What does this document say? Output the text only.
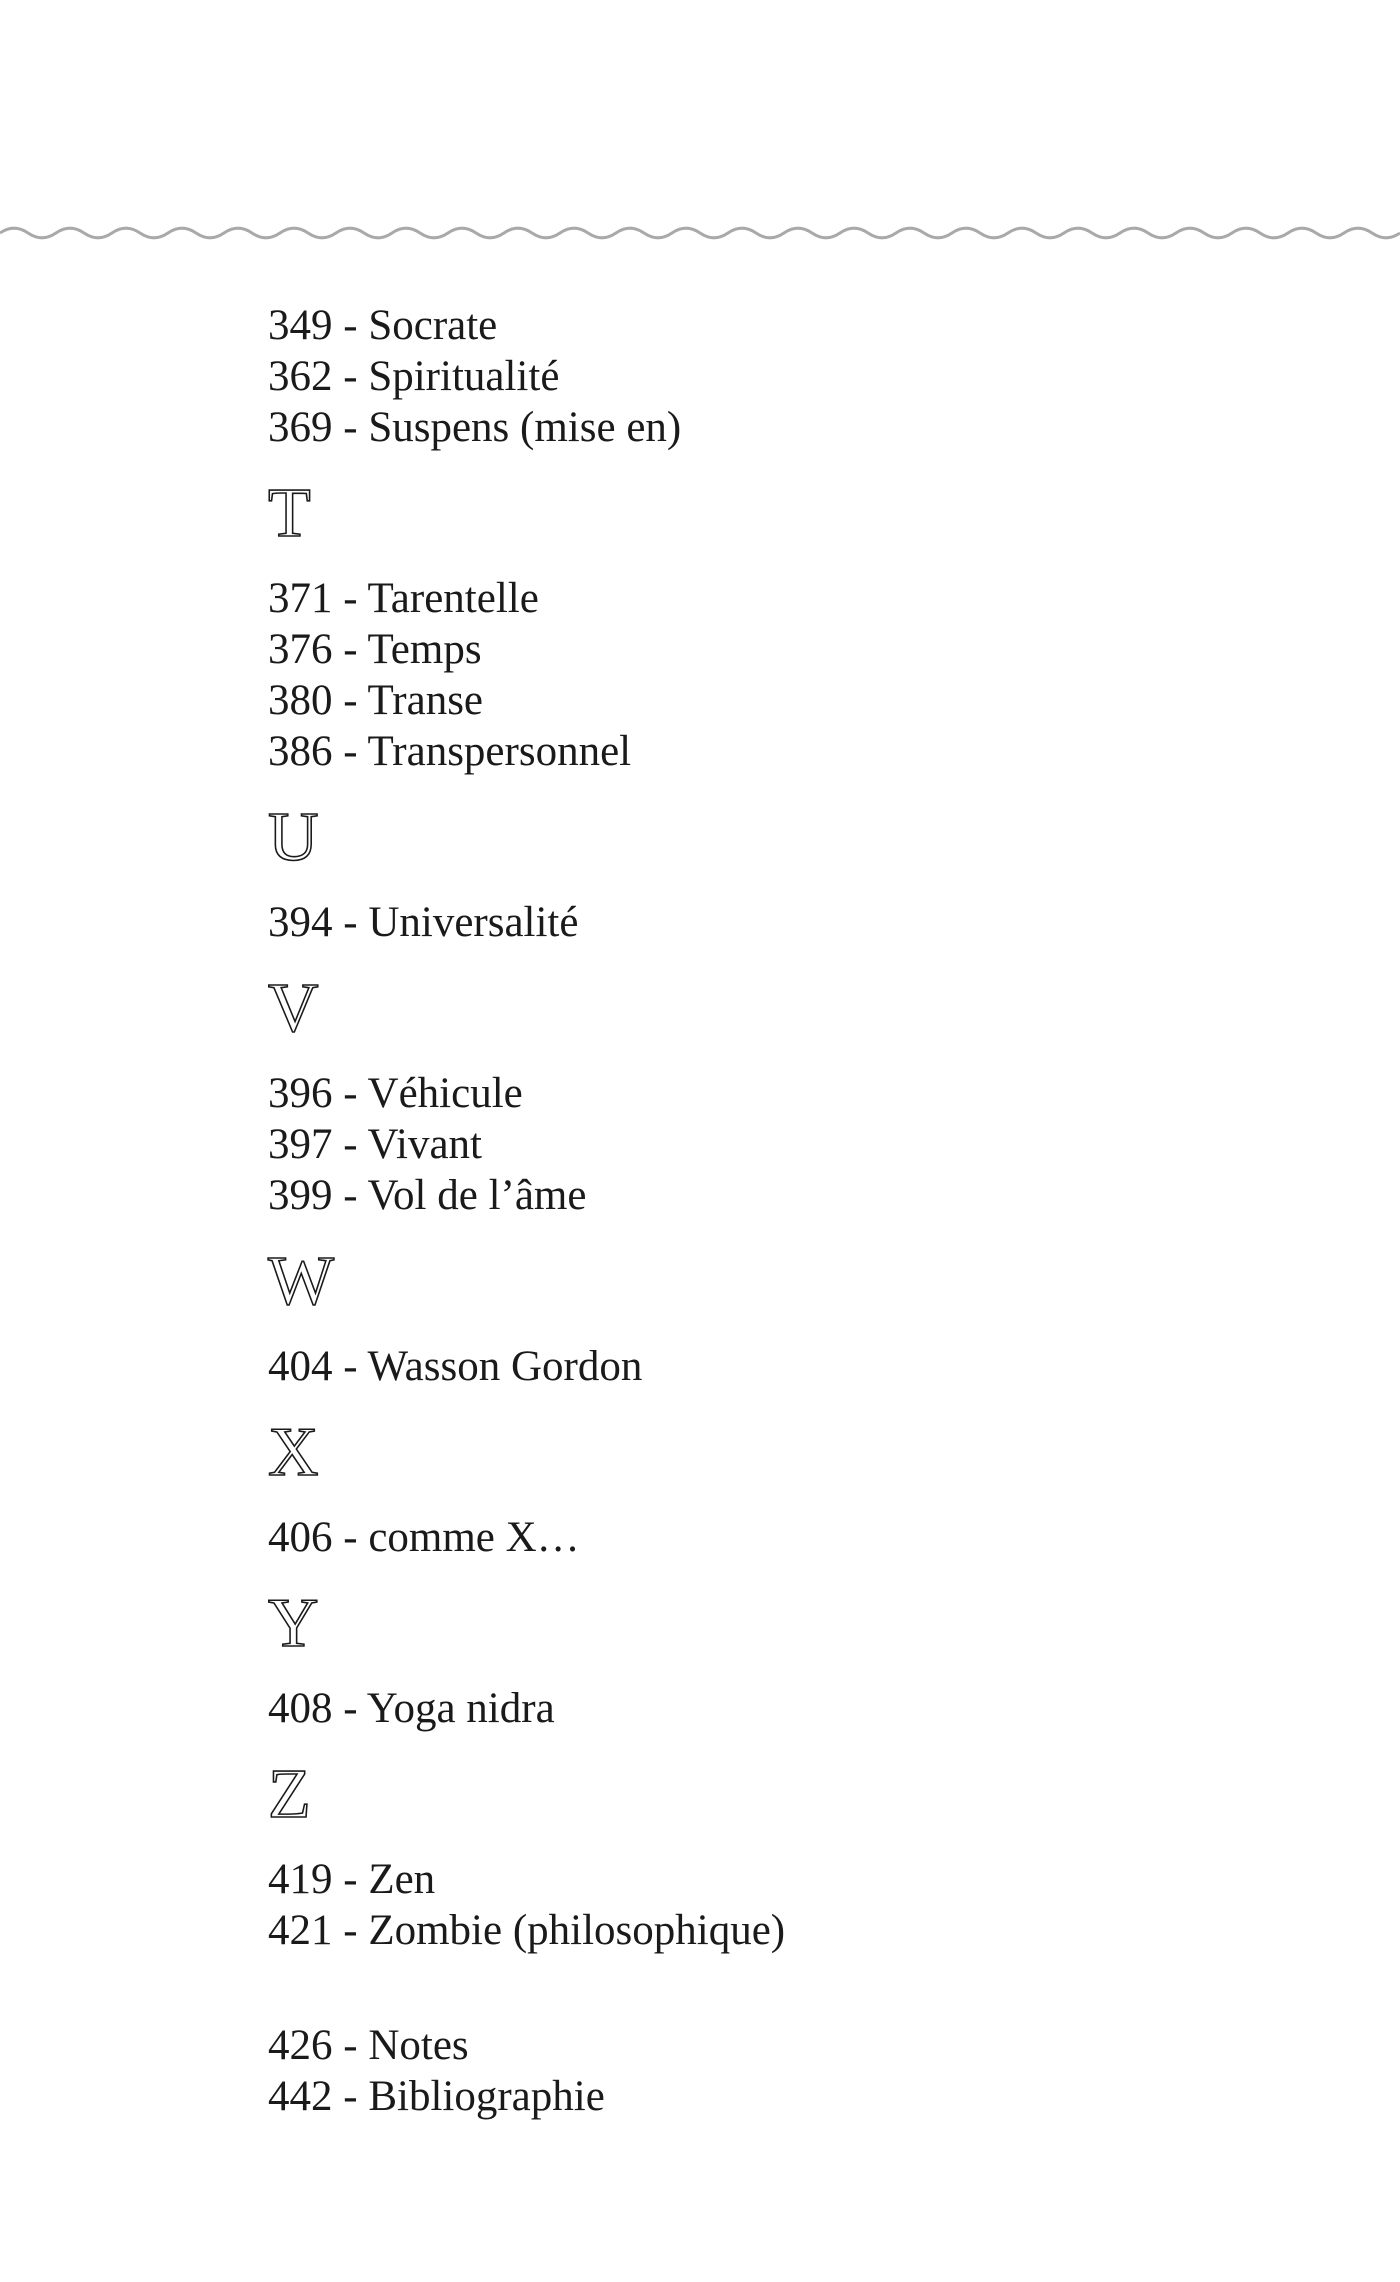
349 - Socrate
362 - Spiritualité
369 - Suspens (mise en)
T
371 - Tarentelle
376 - Temps
380 - Transe
386 - Transpersonnel
U
394 - Universalité
V
396 - Véhicule
397 - Vivant
399 - Vol de l’âme
W
404 - Wasson Gordon
X
406 - comme X…
Y
408 - Yoga nidra
Z
419 - Zen
421 - Zombie (philosophique)
426 - Notes
442 - Bibliographie
